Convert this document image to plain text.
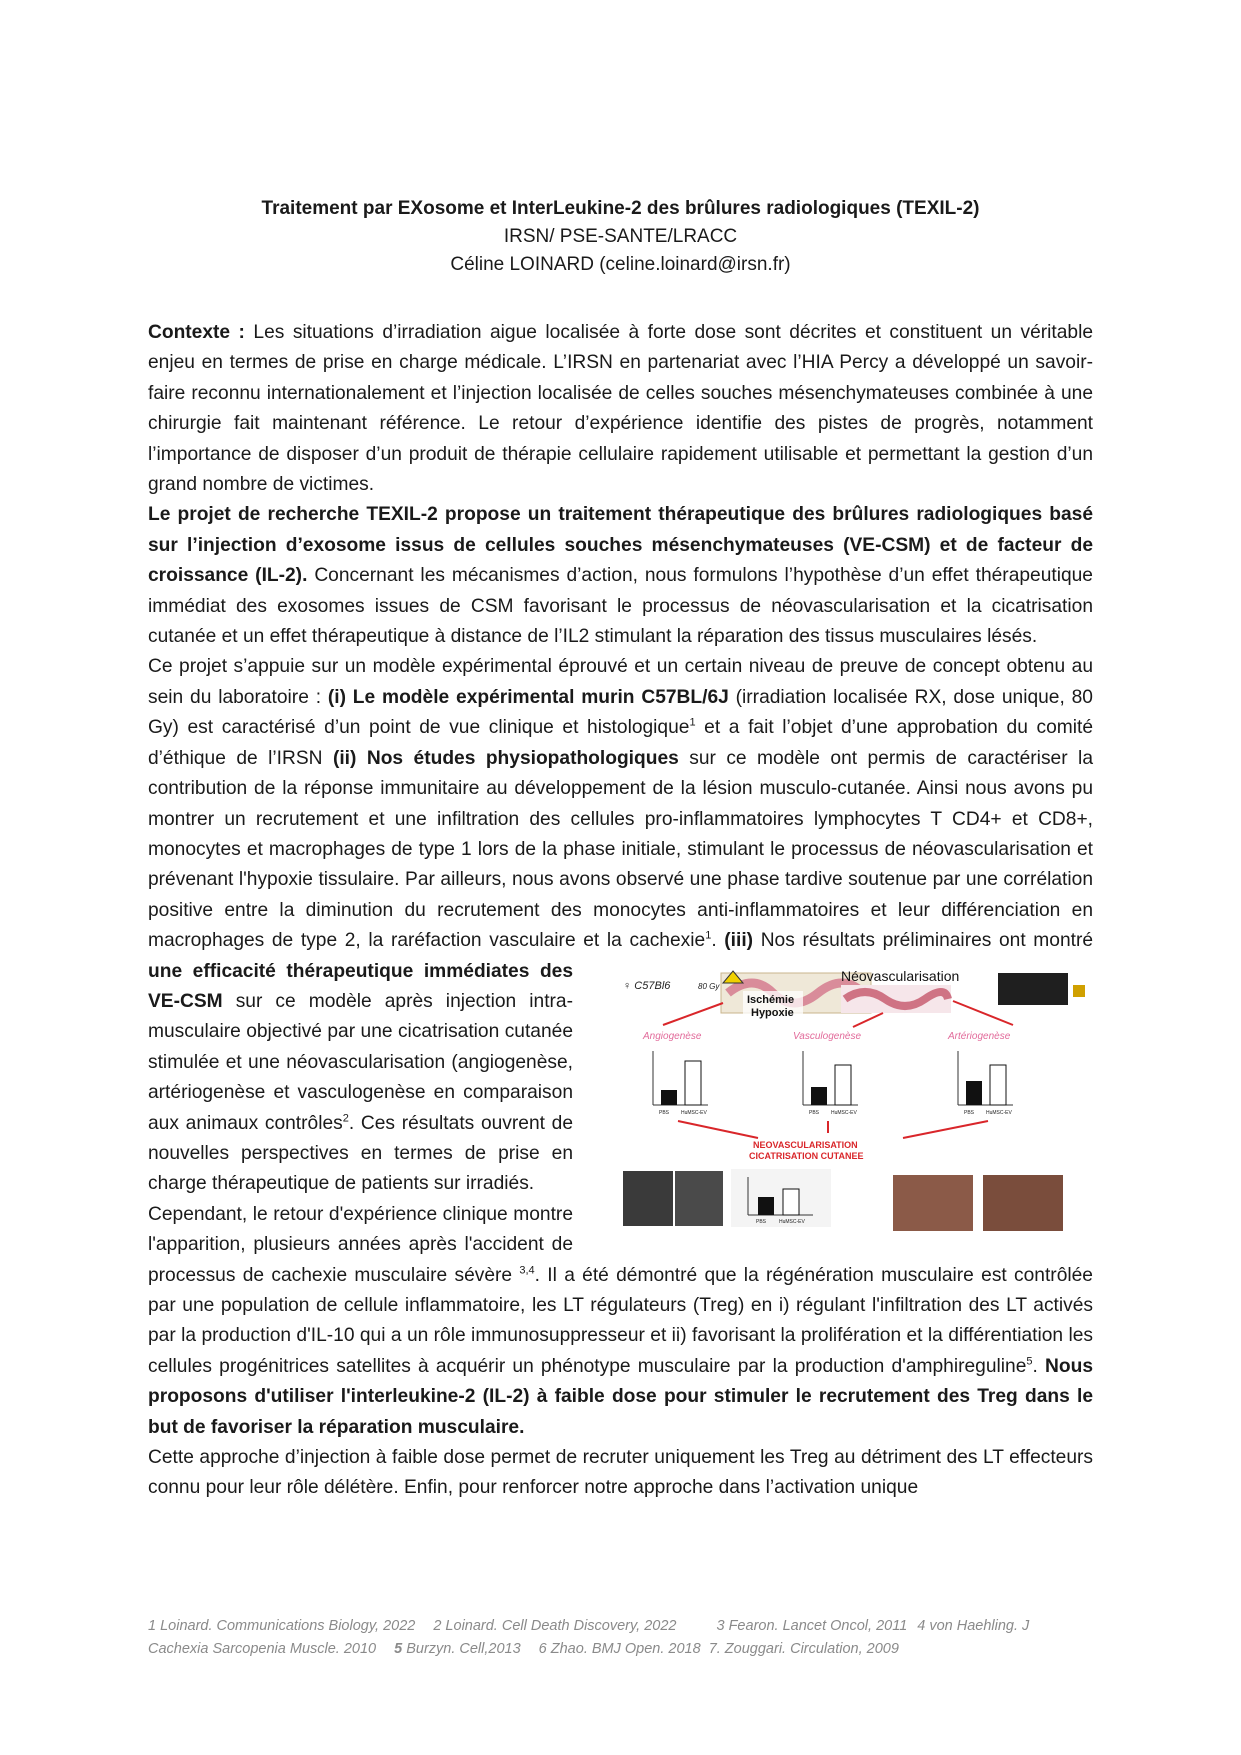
Traitement par EXosome et InterLeukine-2 des brûlures radiologiques (TEXIL-2)
IRSN/ PSE-SANTE/LRACC
Céline LOINARD (celine.loinard@irsn.fr)

Contexte : Les situations d’irradiation aigue localisée à forte dose sont décrites et constituent un véritable enjeu en termes de prise en charge médicale. L’IRSN en partenariat avec l’HIA Percy a développé un savoir-faire reconnu internationalement et l’injection localisée de celles souches mésenchymateuses combinée à une chirurgie fait maintenant référence. Le retour d’expérience identifie des pistes de progrès, notamment l’importance de disposer d’un produit de thérapie cellulaire rapidement utilisable et permettant la gestion d’un grand nombre de victimes.

Le projet de recherche TEXIL-2 propose un traitement thérapeutique des brûlures radiologiques basé sur l’injection d’exosome issus de cellules souches mésenchymateuses (VE-CSM) et de facteur de croissance (IL-2). Concernant les mécanismes d’action, nous formulons l’hypothèse d’un effet thérapeutique immédiat des exosomes issues de CSM favorisant le processus de néovascularisation et la cicatrisation cutanée et un effet thérapeutique à distance de l’IL2 stimulant la réparation des tissus musculaires lésés.

Ce projet s’appuie sur un modèle expérimental éprouvé et un certain niveau de preuve de concept obtenu au sein du laboratoire : (i) Le modèle expérimental murin C57BL/6J (irradiation localisée RX, dose unique, 80 Gy) est caractérisé d’un point de vue clinique et histologique$^1$ et a fait l’objet d’une approbation du comité d’éthique de l’IRSN (ii) Nos études physiopathologiques sur ce modèle ont permis de caractériser la contribution de la réponse immunitaire au développement de la lésion musculo-cutanée. Ainsi nous avons pu montrer un recrutement et une infiltration des cellules pro-inflammatoires lymphocytes T CD4+ et CD8+, monocytes et macrophages de type 1 lors de la phase initiale, stimulant le processus de néovascularisation et prévenant l'hypoxie tissulaire. Par ailleurs, nous avons observé une phase tardive soutenue par une corrélation positive entre la diminution du recrutement des monocytes anti-inflammatoires et leur différenciation en macrophages de type 2, la raréfaction vasculaire et la cachexie$^1$. (iii) Nos résultats préliminaires ont montré une efficacité
♀ C57Bl6	80 Gy
Néovascularisation
Ischémie
Hypoxie
Angiogenèse	Vasculogenèse	Artériogenèse
PBS HuMSC-EV	PBS HuMSC-EV	PBS HuMSC-EV
NEOVASCULARISATION
CICATRISATION CUTANEE
PBS	HuMSC-EV
thérapeutique immédiates des VE-CSM sur ce modèle après injection intra-musculaire objectivé par une cicatrisation cutanée stimulée et une néovascularisation (angiogenèse, artériogenèse et vasculogenèse en comparaison aux animaux contrôles$^2$. Ces résultats ouvrent de nouvelles perspectives en termes de prise en charge thérapeutique de patients sur irradiés.

Cependant, le retour d'expérience clinique montre l'apparition, plusieurs années après l'accident de processus de cachexie musculaire sévère $^{3,4}$. Il a été démontré que la régénération musculaire est contrôlée par une population de cellule inflammatoire, les LT régulateurs (Treg) en i) régulant l'infiltration des LT activés par la production d'IL-10 qui a un rôle immunosuppresseur et ii) favorisant la prolifération et la différentiation les cellules progénitrices satellites à acquérir un phénotype musculaire par la production d'amphireguline$^5$. Nous proposons d'utiliser l'interleukine-2 (IL-2) à faible dose pour stimuler le recrutement des Treg dans le but de favoriser la réparation musculaire.

Cette approche d’injection à faible dose permet de recruter uniquement les Treg au détriment des LT effecteurs connu pour leur rôle délétère. Enfin, pour renforcer notre approche dans l’activation unique

1 Loinard. Communications Biology, 2022 2 Loinard. Cell Death Discovery, 2022	3 Fearon. Lancet Oncol, 2011 4 von Haehling. J Cachexia Sarcopenia Muscle. 2010 5 Burzyn. Cell,2013 6 Zhao. BMJ Open. 2018 7. Zouggari. Circulation, 2009
